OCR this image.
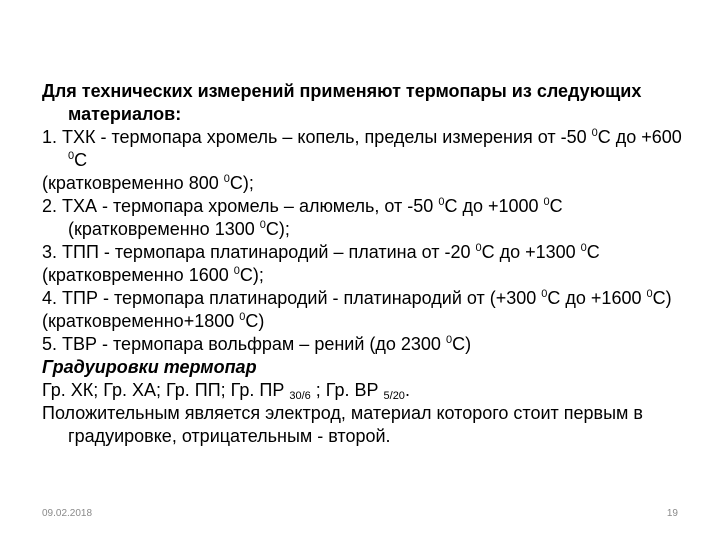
Для технических измерений применяют термопары из следующих материалов:

1. ТХК - термопара хромель – копель, пределы измерения от -50 $^0$С до +600 $^0$С

(кратковременно 800 $^0$С);

2. ТХА - термопара хромель – алюмель, от -50 $^0$С до +1000 $^0$С (кратковременно 1300 $^0$С);

3. ТПП - термопара платинародий – платина от -20 $^0$С до +1300 $^0$С

(кратковременно 1600 $^0$С);

4. ТПР - термопара платинародий - платинародий от (+300 $^0$С до +1600 $^0$С)

(кратковременно+1800 $^0$С)

5. ТВР - термопара вольфрам – рений (до 2300 $^0$С)

Градуировки термопар

Гр. ХК; Гр. ХА; Гр. ПП; Гр. ПР $_{30/6}$ ; Гр. ВР $_{5/20}$.

Положительным является электрод, материал которого стоит первым в градуировке, отрицательным - второй.

09.02.2018	19
